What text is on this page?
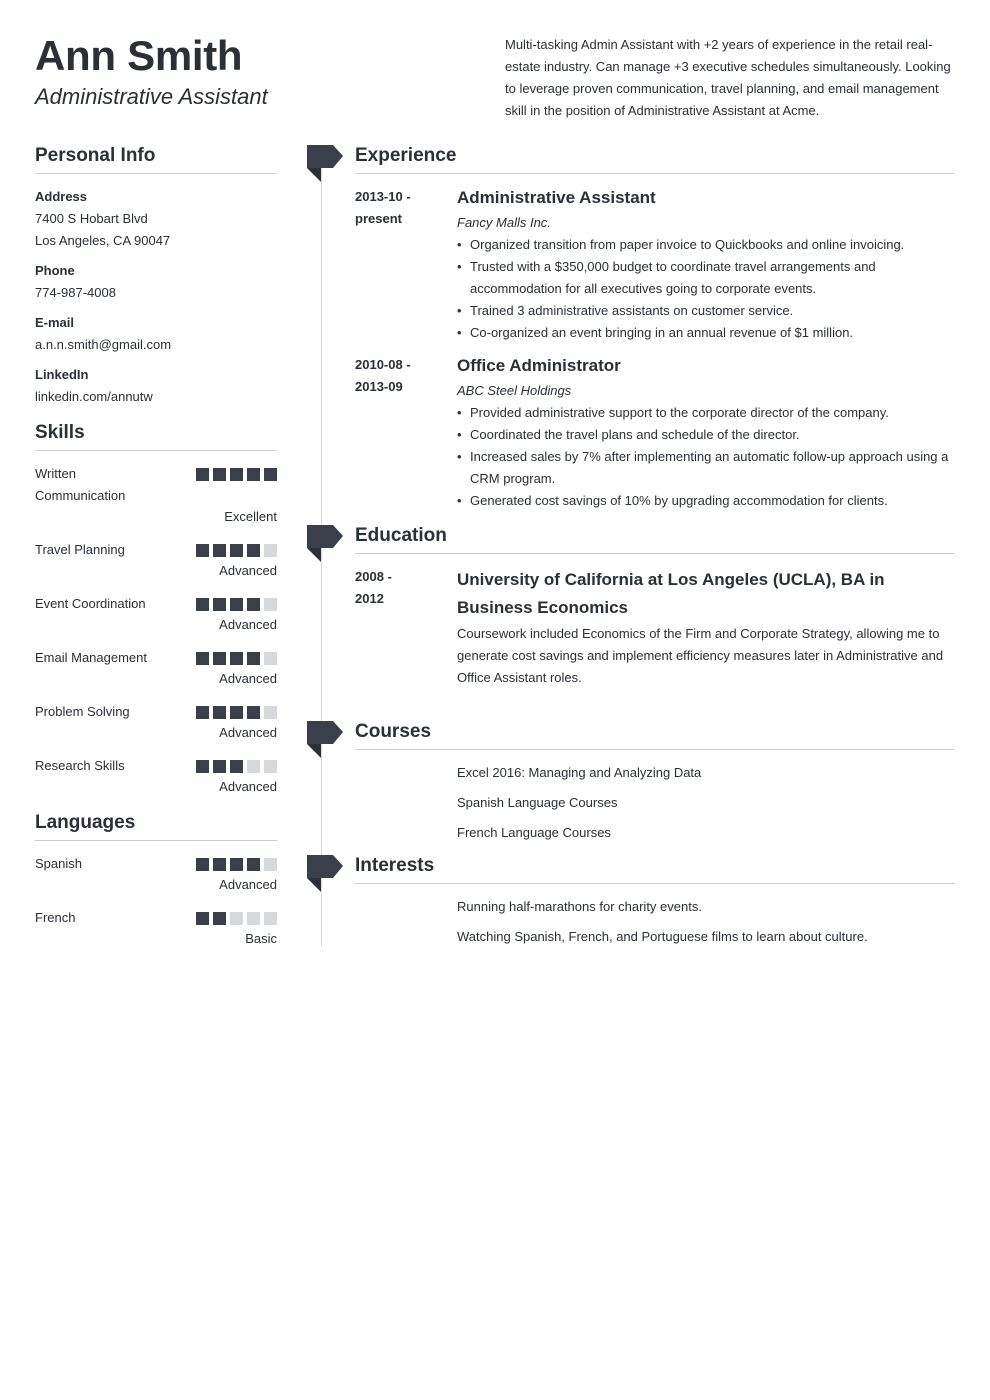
Ann Smith
Administrative Assistant
Multi-tasking Admin Assistant with +2 years of experience in the retail real-estate industry. Can manage +3 executive schedules simultaneously. Looking to leverage proven communication, travel planning, and email management skill in the position of Administrative Assistant at Acme.
Personal Info
Address
7400 S Hobart Blvd
Los Angeles, CA 90047
Phone
774-987-4008
E-mail
a.n.n.smith@gmail.com
LinkedIn
linkedin.com/annutw
Skills
Written Communication
Excellent
Travel Planning
Advanced
Event Coordination
Advanced
Email Management
Advanced
Problem Solving
Advanced
Research Skills
Advanced
Languages
Spanish
Advanced
French
Basic
Experience
2013-10 -
present
Administrative Assistant
Fancy Malls Inc.
• Organized transition from paper invoice to Quickbooks and online invoicing.
• Trusted with a $350,000 budget to coordinate travel arrangements and accommodation for all executives going to corporate events.
• Trained 3 administrative assistants on customer service.
• Co-organized an event bringing in an annual revenue of $1 million.
2010-08 -
2013-09
Office Administrator
ABC Steel Holdings
• Provided administrative support to the corporate director of the company.
• Coordinated the travel plans and schedule of the director.
• Increased sales by 7% after implementing an automatic follow-up approach using a CRM program.
• Generated cost savings of 10% by upgrading accommodation for clients.
Education
2008 -
2012
University of California at Los Angeles (UCLA), BA in Business Economics
Coursework included Economics of the Firm and Corporate Strategy, allowing me to generate cost savings and implement efficiency measures later in Administrative and Office Assistant roles.
Courses
Excel 2016: Managing and Analyzing Data
Spanish Language Courses
French Language Courses
Interests
Running half-marathons for charity events.
Watching Spanish, French, and Portuguese films to learn about culture.
